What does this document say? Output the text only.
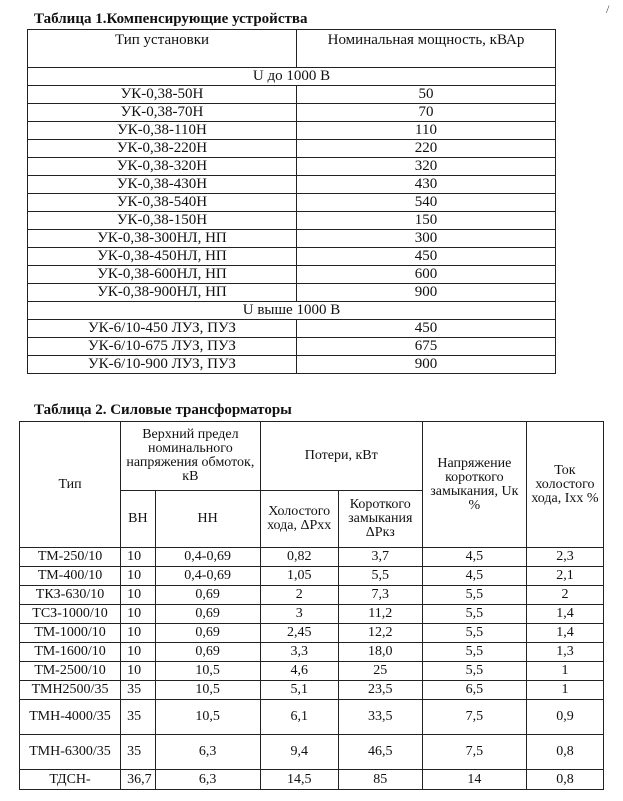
Таблица 1.Компенсирующие устройства
Тип установки	Номинальная мощность, кВАр
U до 1000 В	
УК-0,38-50Н	50
УК-0,38-70Н	70
УК-0,38-110Н	110
УК-0,38-220Н	220
УК-0,38-320Н	320
УК-0,38-430Н	430
УК-0,38-540Н	540
УК-0,38-150Н	150
УК-0,38-300НЛ, НП	300
УК-0,38-450НЛ, НП	450
УК-0,38-600НЛ, НП	600
УК-0,38-900НЛ, НП	900
U выше 1000 В	
УК-6/10-450 ЛУЗ, ПУЗ	450
УК-6/10-675 ЛУЗ, ПУЗ	675
УК-6/10-900 ЛУЗ, ПУЗ	900
Таблица 2. Силовые трансформаторы
Тип	Верхний предел номинального напряжения обмоток, кВ		Потери, кВт		Напряжение короткого замыкания, Uк %	Ток холостого хода, Iхх %
	ВН	НН	Холостого хода, ΔРхх	Короткого замыкания ΔРкз		
ТМ-250/10	10	0,4-0,69	0,82	3,7	4,5	2,3
ТМ-400/10	10	0,4-0,69	1,05	5,5	4,5	2,1
ТКЗ-630/10	10	0,69	2	7,3	5,5	2
ТСЗ-1000/10	10	0,69	3	11,2	5,5	1,4
ТМ-1000/10	10	0,69	2,45	12,2	5,5	1,4
ТМ-1600/10	10	0,69	3,3	18,0	5,5	1,3
ТМ-2500/10	10	10,5	4,6	25	5,5	1
ТМН2500/35	35	10,5	5,1	23,5	6,5	1
ТМН-4000/35	35	10,5	6,1	33,5	7,5	0,9
ТМН-6300/35	35	6,3	9,4	46,5	7,5	0,8
ТДСН-	36,7	6,3	14,5	85	14	0,8
/
